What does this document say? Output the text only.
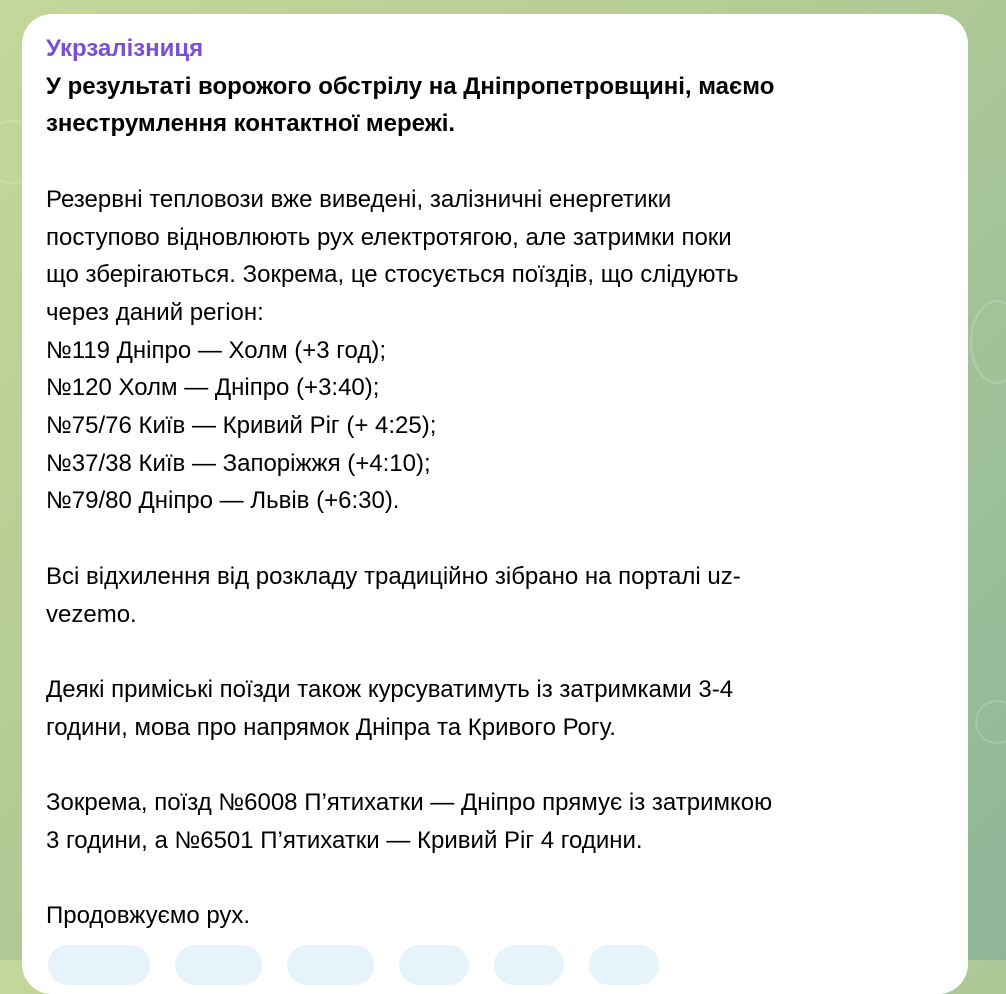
Укрзалізниця
У результаті ворожого обстрілу на Дніпропетровщині, маємо
знеструмлення контактної мережі.
Резервні тепловози вже виведені, залізничні енергетики
поступово відновлюють рух електротягою, але затримки поки
що зберігаються. Зокрема, це стосується поїздів, що слідують
через даний регіон:
№119 Дніпро — Холм (+3 год);
№120 Холм — Дніпро (+3:40);
№75/76 Київ — Кривий Ріг (+ 4:25);
№37/38 Київ — Запоріжжя (+4:10);
№79/80 Дніпро — Львів (+6:30).
Всі відхилення від розкладу традиційно зібрано на порталі uz-
vezemo.
Деякі приміські поїзди також курсуватимуть із затримками 3-4
години, мова про напрямок Дніпра та Кривого Рогу.
Зокрема, поїзд №6008 П’ятихатки — Дніпро прямує із затримкою
3 години, а №6501 П’ятихатки — Кривий Ріг 4 години.
Продовжуємо рух.
